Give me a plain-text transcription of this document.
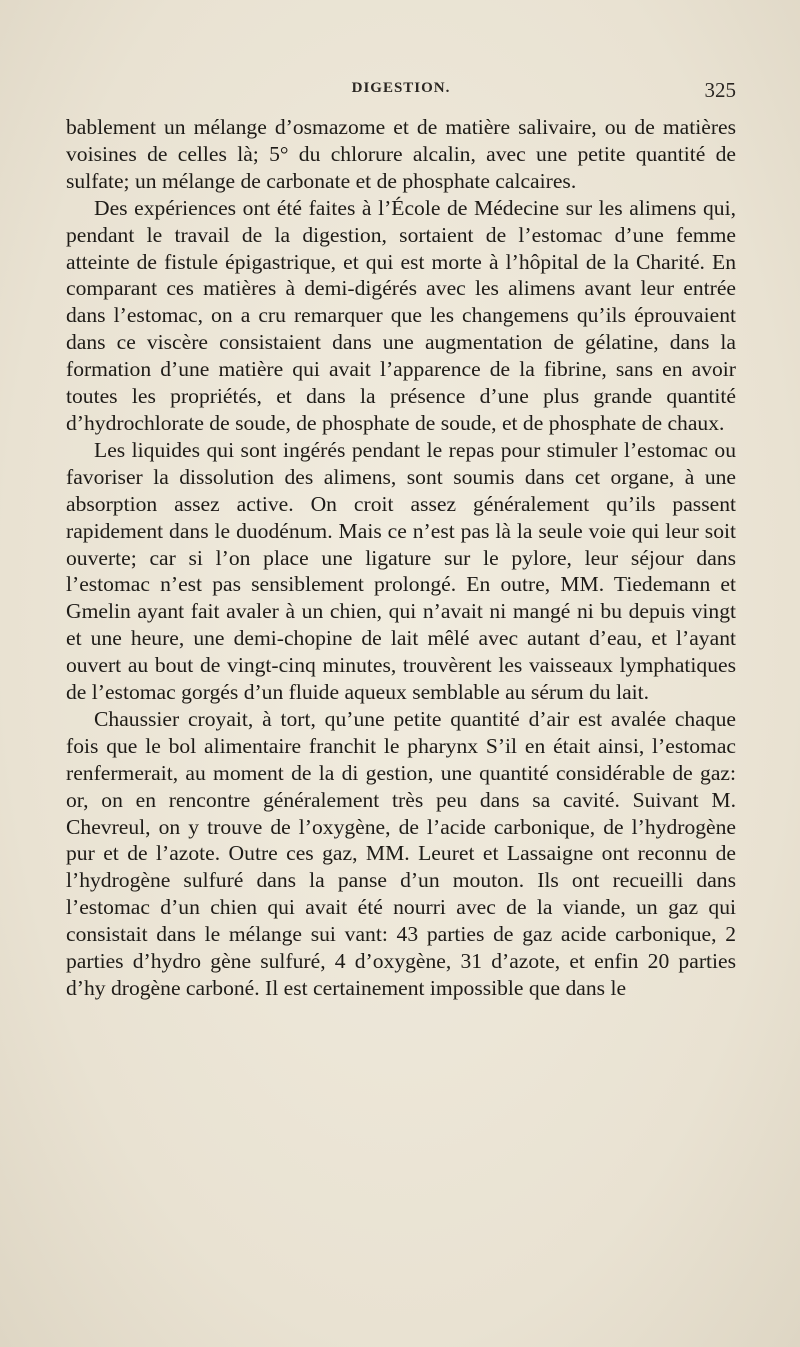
DIGESTION.	325

bablement un mélange d’osmazome et de matière salivaire, ou de matières voisines de celles là; 5° du chlorure alcalin, avec une petite quantité de sulfate; un mélange de carbonate et de phosphate calcaires.

Des expériences ont été faites à l’École de Médecine sur les alimens qui, pendant le travail de la digestion, sortaient de l’estomac d’une femme atteinte de fistule épigastrique, et qui est morte à l’hôpital de la Charité. En comparant ces matières à demi-digérés avec les alimens avant leur entrée dans l’estomac, on a cru remarquer que les changemens qu’ils éprouvaient dans ce viscère consistaient dans une augmentation de gélatine, dans la formation d’une matière qui avait l’apparence de la fibrine, sans en avoir toutes les propriétés, et dans la présence d’une plus grande quantité d’hydrochlorate de soude, de phosphate de soude, et de phosphate de chaux.

Les liquides qui sont ingérés pendant le repas pour stimuler l’estomac ou favoriser la dissolution des alimens, sont soumis dans cet organe, à une absorption assez active. On croit assez généralement qu’ils passent rapidement dans le duodénum. Mais ce n’est pas là la seule voie qui leur soit ouverte; car si l’on place une ligature sur le pylore, leur séjour dans l’estomac n’est pas sensiblement prolongé. En outre, MM. Tiedemann et Gmelin ayant fait avaler à un chien, qui n’avait ni mangé ni bu depuis vingt et une heure, une demi-chopine de lait mêlé avec autant d’eau, et l’ayant ouvert au bout de vingt-cinq minutes, trouvèrent les vaisseaux lymphatiques de l’estomac gorgés d’un fluide aqueux semblable au sérum du lait.

Chaussier croyait, à tort, qu’une petite quantité d’air est avalée chaque fois que le bol alimentaire franchit le pharynx S’il en était ainsi, l’estomac renfermerait, au moment de la di gestion, une quantité considérable de gaz: or, on en rencontre généralement très peu dans sa cavité. Suivant M. Chevreul, on y trouve de l’oxygène, de l’acide carbonique, de l’hydrogène pur et de l’azote. Outre ces gaz, MM. Leuret et Lassaigne ont reconnu de l’hydrogène sulfuré dans la panse d’un mouton. Ils ont recueilli dans l’estomac d’un chien qui avait été nourri avec de la viande, un gaz qui consistait dans le mélange sui vant: 43 parties de gaz acide carbonique, 2 parties d’hydro gène sulfuré, 4 d’oxygène, 31 d’azote, et enfin 20 parties d’hy drogène carboné. Il est certainement impossible que dans le
